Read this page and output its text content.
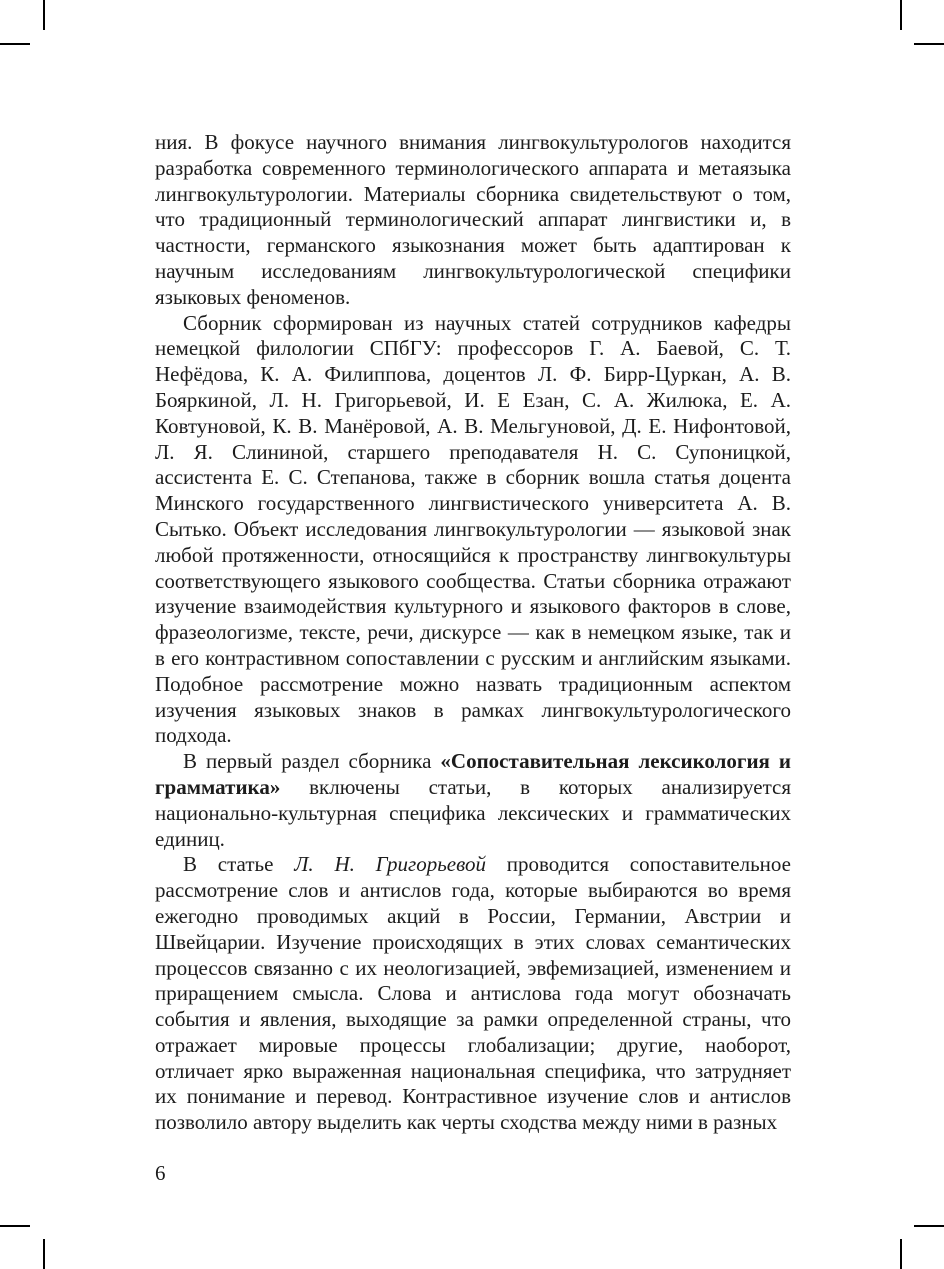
ния. В фокусе научного внимания лингвокультурологов находится разработка современного терминологического аппарата и метаязыка лингвокультурологии. Материалы сборника свидетельствуют о том, что традиционный терминологический аппарат лингвистики и, в частности, германского языкознания может быть адаптирован к научным исследованиям лингвокультурологической специфики языковых феноменов.

Сборник сформирован из научных статей сотрудников кафедры немецкой филологии СПбГУ: профессоров Г. А. Баевой, С. Т. Нефёдова, К. А. Филиппова, доцентов Л. Ф. Бирр-Цуркан, А. В. Бояркиной, Л. Н. Григорьевой, И. Е Езан, С. А. Жилюка, Е. А. Ковтуновой, К. В. Манёровой, А. В. Мельгуновой, Д. Е. Нифонтовой, Л. Я. Слининой, старшего преподавателя Н. С. Супоницкой, ассистента Е. С. Степанова, также в сборник вошла статья доцента Минского государственного лингвистического университета А. В. Сытько. Объект исследования лингвокультурологии — языковой знак любой протяженности, относящийся к пространству лингвокультуры соответствующего языкового сообщества. Статьи сборника отражают изучение взаимодействия культурного и языкового факторов в слове, фразеологизме, тексте, речи, дискурсе — как в немецком языке, так и в его контрастивном сопоставлении с русским и английским языками. Подобное рассмотрение можно назвать традиционным аспектом изучения языковых знаков в рамках лингвокультурологического подхода.

В первый раздел сборника «Сопоставительная лексикология и грамматика» включены статьи, в которых анализируется национально-культурная специфика лексических и грамматических единиц.

В статье Л. Н. Григорьевой проводится сопоставительное рассмотрение слов и антислов года, которые выбираются во время ежегодно проводимых акций в России, Германии, Австрии и Швейцарии. Изучение происходящих в этих словах семантических процессов связанно с их неологизацией, эвфемизацией, изменением и приращением смысла. Слова и антислова года могут обозначать события и явления, выходящие за рамки определенной страны, что отражает мировые процессы глобализации; другие, наоборот, отличает ярко выраженная национальная специфика, что затрудняет их понимание и перевод. Контрастивное изучение слов и антислов позволило автору выделить как черты сходства между ними в разных

6
